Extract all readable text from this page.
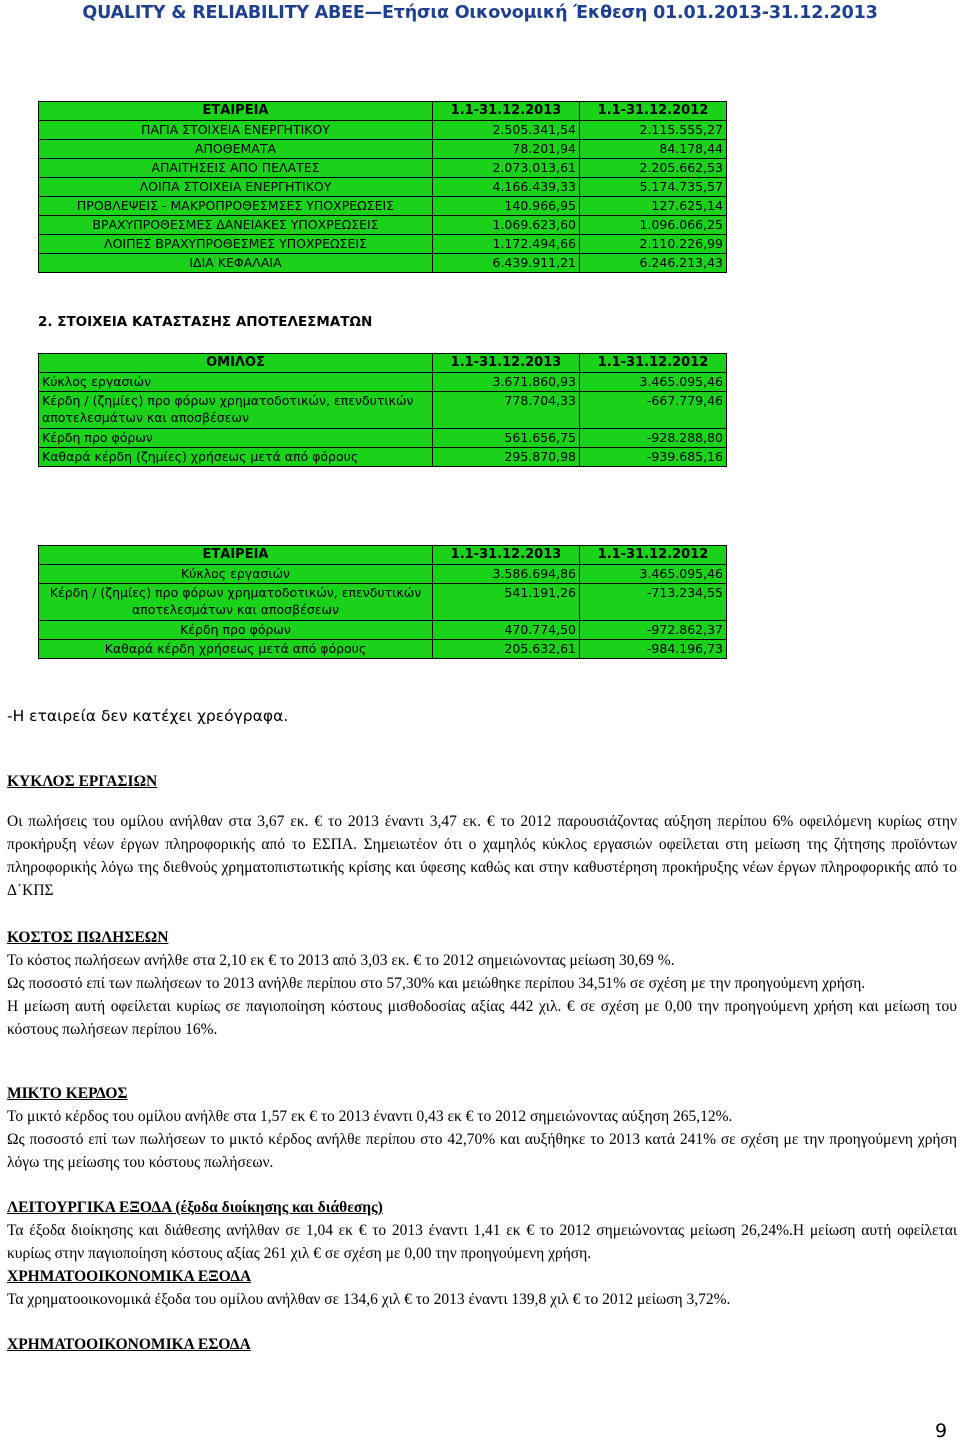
QUALITY & RELIABILITY ABEE—Ετήσια Οικονομική Έκθεση 01.01.2013-31.12.2013
ΕΤΑΙΡΕΙΑ	1.1-31.12.2013	1.1-31.12.2012
ΠΑΓΙΑ ΣΤΟΙΧΕΙΑ ΕΝΕΡΓΗΤΙΚΟΥ	2.505.341,54	2.115.555,27
ΑΠΟΘΕΜΑΤΑ	78.201,94	84.178,44
ΑΠΑΙΤΗΣΕΙΣ ΑΠΟ ΠΕΛΑΤΕΣ	2.073.013,61	2.205.662,53
ΛΟΙΠΑ ΣΤΟΙΧΕΙΑ ΕΝΕΡΓΗΤΙΚΟΥ	4.166.439,33	5.174.735,57
ΠΡΟΒΛΕΨΕΙΣ - ΜΑΚΡΟΠΡΟΘΕΣΜΣΕΣ ΥΠΟΧΡΕΩΣΕΙΣ	140.966,95	127.625,14
ΒΡΑΧΥΠΡΟΘΕΣΜΕΣ ΔΑΝΕΙΑΚΕΣ ΥΠΟΧΡΕΩΣΕΙΣ	1.069.623,60	1.096.066,25
ΛΟΙΠΕΣ ΒΡΑΧΥΠΡΟΘΕΣΜΕΣ ΥΠΟΧΡΕΩΣΕΙΣ	1.172.494,66	2.110.226,99
ΙΔΙΑ ΚΕΦΑΛΑΙΑ	6.439.911,21	6.246.213,43
2. ΣΤΟΙΧΕΙΑ ΚΑΤΑΣΤΑΣΗΣ ΑΠΟΤΕΛΕΣΜΑΤΩΝ
ΟΜΙΛΟΣ	1.1-31.12.2013	1.1-31.12.2012
Κύκλος εργασιών	3.671.860,93	3.465.095,46
Κέρδη / (ζημίες) προ φόρων χρηματοδοτικών, επενδυτικών αποτελεσμάτων και αποσβέσεων	778.704,33	-667.779,46
Κέρδη προ φόρων	561.656,75	-928.288,80
Καθαρά κέρδη (ζημίες) χρήσεως μετά από φόρους	295.870,98	-939.685,16
ΕΤΑΙΡΕΙΑ	1.1-31.12.2013	1.1-31.12.2012
Κύκλος εργασιών	3.586.694,86	3.465.095,46
Κέρδη / (ζημίες) προ φόρων χρηματοδοτικών, επενδυτικών αποτελεσμάτων και αποσβέσεων	541.191,26	-713.234,55
Κέρδη προ φόρων	470.774,50	-972.862,37
Καθαρά κέρδη χρήσεως μετά από φόρους	205.632,61	-984.196,73
-Η εταιρεία δεν κατέχει χρεόγραφα.
ΚΥΚΛΟΣ ΕΡΓΑΣΙΩΝ

Οι πωλήσεις του ομίλου ανήλθαν στα 3,67 εκ. € το 2013 έναντι 3,47 εκ. € το 2012 παρουσιάζοντας αύξηση περίπου 6% οφειλόμενη κυρίως στην προκήρυξη νέων έργων πληροφορικής από το ΕΣΠΑ. Σημειωτέον ότι ο χαμηλός κύκλος εργασιών οφείλεται στη μείωση της ζήτησης προϊόντων πληροφορικής λόγω της διεθνούς χρηματοπιστωτικής κρίσης και ύφεσης καθώς και στην καθυστέρηση προκήρυξης νέων έργων πληροφορικής από το Δ΄ΚΠΣ

ΚΟΣΤΟΣ ΠΩΛΗΣΕΩΝ

Το κόστος πωλήσεων ανήλθε στα 2,10 εκ € το 2013 από 3,03 εκ. € το 2012 σημειώνοντας μείωση 30,69 %.

Ως ποσοστό επί των πωλήσεων το 2013 ανήλθε περίπου στο 57,30% και μειώθηκε περίπου 34,51% σε σχέση με την προηγούμενη χρήση.

Η μείωση αυτή οφείλεται κυρίως σε παγιοποίηση κόστους μισθοδοσίας αξίας 442 χιλ. € σε σχέση με 0,00 την προηγούμενη χρήση και μείωση του κόστους πωλήσεων περίπου 16%.

ΜΙΚΤΟ ΚΕΡΔΟΣ

Το μικτό κέρδος του ομίλου ανήλθε στα 1,57 εκ € το 2013 έναντι 0,43 εκ € το 2012 σημειώνοντας αύξηση 265,12%.

Ως ποσοστό επί των πωλήσεων το μικτό κέρδος ανήλθε περίπου στο 42,70% και αυξήθηκε το 2013 κατά 241% σε σχέση με την προηγούμενη χρήση λόγω της μείωσης του κόστους πωλήσεων.

ΛΕΙΤΟΥΡΓΙΚΑ ΕΞΟΔΑ (έξοδα διοίκησης και διάθεσης)

Τα έξοδα διοίκησης και διάθεσης ανήλθαν σε 1,04 εκ € το 2013 έναντι 1,41 εκ € το 2012 σημειώνοντας μείωση 26,24%.Η μείωση αυτή οφείλεται κυρίως στην παγιοποίηση κόστους αξίας 261 χιλ € σε σχέση με 0,00 την προηγούμενη χρήση.

ΧΡΗΜΑΤΟΟΙΚΟΝΟΜΙΚΑ ΕΞΟΔΑ

Τα χρηματοοικονομικά έξοδα του ομίλου ανήλθαν σε 134,6 χιλ € το 2013 έναντι 139,8 χιλ € το 2012 μείωση 3,72%.

ΧΡΗΜΑΤΟΟΙΚΟΝΟΜΙΚΑ ΕΣΟΔΑ
9
